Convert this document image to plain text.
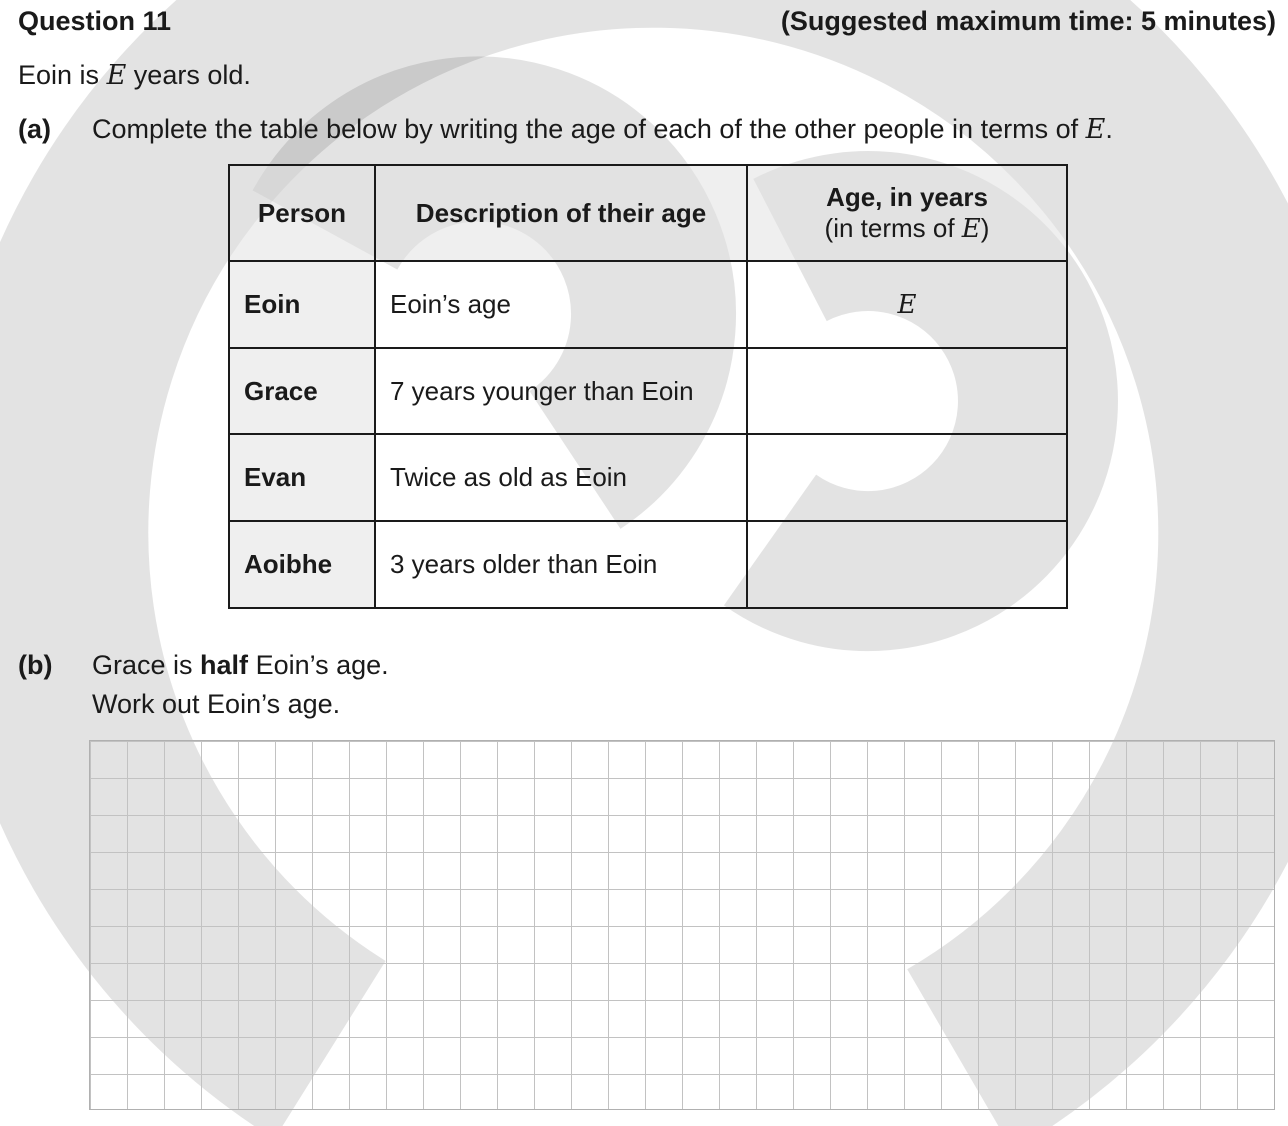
Question 11	(Suggested maximum time: 5 minutes)
Eoin is E years old.
(a) Complete the table below by writing the age of each of the other people in terms of E.
Person	Description of their age	Age, in years
(in terms of E)

Eoin	Eoin’s age	E
Grace	7 years younger than Eoin	
Evan	Twice as old as Eoin	
Aoibhe	3 years older than Eoin	
(b) Grace is half Eoin’s age.
Work out Eoin’s age.
